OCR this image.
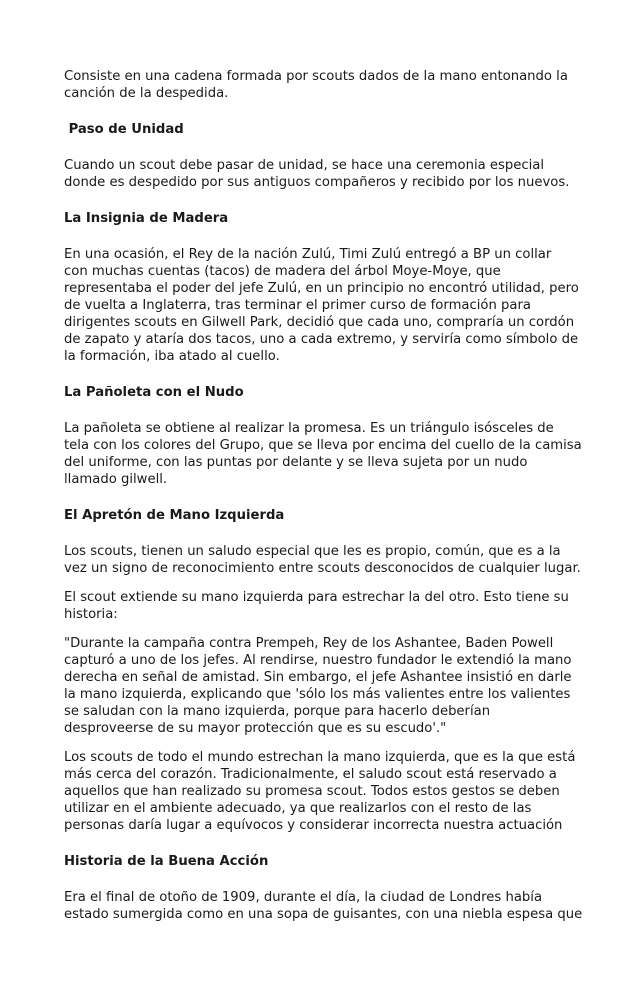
Consiste en una cadena formada por scouts dados de la mano entonando la
canción de la despedida.

Paso de Unidad

Cuando un scout debe pasar de unidad, se hace una ceremonia especial
donde es despedido por sus antiguos compañeros y recibido por los nuevos.

La Insignia de Madera

En una ocasión, el Rey de la nación Zulú, Timi Zulú entregó a BP un collar
con muchas cuentas (tacos) de madera del árbol Moye-Moye, que
representaba el poder del jefe Zulú, en un principio no encontró utilidad, pero
de vuelta a Inglaterra, tras terminar el primer curso de formación para
dirigentes scouts en Gilwell Park, decidió que cada uno, compraría un cordón
de zapato y ataría dos tacos, uno a cada extremo, y serviría como símbolo de
la formación, iba atado al cuello.

La Pañoleta con el Nudo

La pañoleta se obtiene al realizar la promesa. Es un triángulo isósceles de
tela con los colores del Grupo, que se lleva por encima del cuello de la camisa
del uniforme, con las puntas por delante y se lleva sujeta por un nudo
llamado gilwell.

El Apretón de Mano Izquierda

Los scouts, tienen un saludo especial que les es propio, común, que es a la
vez un signo de reconocimiento entre scouts desconocidos de cualquier lugar.

El scout extiende su mano izquierda para estrechar la del otro. Esto tiene su
historia:

"Durante la campaña contra Prempeh, Rey de los Ashantee, Baden Powell
capturó a uno de los jefes. Al rendirse, nuestro fundador le extendió la mano
derecha en señal de amistad. Sin embargo, el jefe Ashantee insistió en darle
la mano izquierda, explicando que 'sólo los más valientes entre los valientes
se saludan con la mano izquierda, porque para hacerlo deberían
desproveerse de su mayor protección que es su escudo'."

Los scouts de todo el mundo estrechan la mano izquierda, que es la que está
más cerca del corazón. Tradicionalmente, el saludo scout está reservado a
aquellos que han realizado su promesa scout. Todos estos gestos se deben
utilizar en el ambiente adecuado, ya que realizarlos con el resto de las
personas daría lugar a equívocos y considerar incorrecta nuestra actuación

Historia de la Buena Acción

Era el final de otoño de 1909, durante el día, la ciudad de Londres había
estado sumergida como en una sopa de guisantes, con una niebla espesa que
